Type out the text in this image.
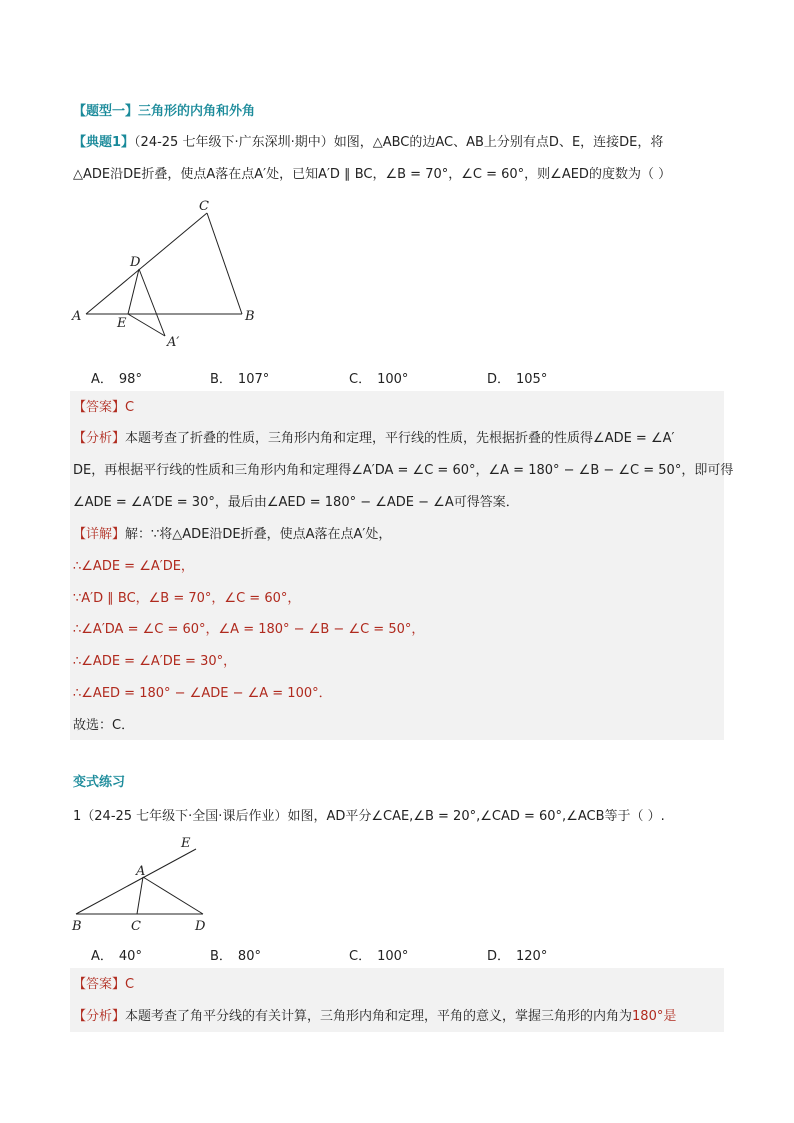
【题型一】三角形的内角和外角
【典题1】（24-25 七年级下·广东深圳·期中）如图，△ABC的边AC、AB上分别有点D、E，连接DE，将
△ADE沿DE折叠，使点A落在点A′处，已知A′D ∥ BC，∠B = 70°，∠C = 60°，则∠AED的度数为（ ）
C
D
A	E	B
A′
A． 98°	B． 107°	C． 100°	D． 105°
【答案】C
【分析】本题考查了折叠的性质，三角形内角和定理，平行线的性质，先根据折叠的性质得∠ADE = ∠A′
DE，再根据平行线的性质和三角形内角和定理得∠A′DA = ∠C = 60°，∠A = 180° − ∠B − ∠C = 50°，即可得
∠ADE = ∠A′DE = 30°，最后由∠AED = 180° − ∠ADE − ∠A可得答案．
【详解】解：∵将△ADE沿DE折叠，使点A落在点A′处，
∴∠ADE = ∠A′DE，
∵A′D ∥ BC，∠B = 70°，∠C = 60°，
∴∠A′DA = ∠C = 60°，∠A = 180° − ∠B − ∠C = 50°，
∴∠ADE = ∠A′DE = 30°，
∴∠AED = 180° − ∠ADE − ∠A = 100°．
故选：C．
变式练习
1（24-25 七年级下·全国·课后作业）如图，AD平分∠CAE,∠B = 20°,∠CAD = 60°,∠ACB等于（ ）.
E
A
B	C	D
A． 40°	B． 80°	C． 100°	D． 120°
【答案】C
【分析】本题考查了角平分线的有关计算，三角形内角和定理，平角的意义，掌握三角形的内角为180°是
